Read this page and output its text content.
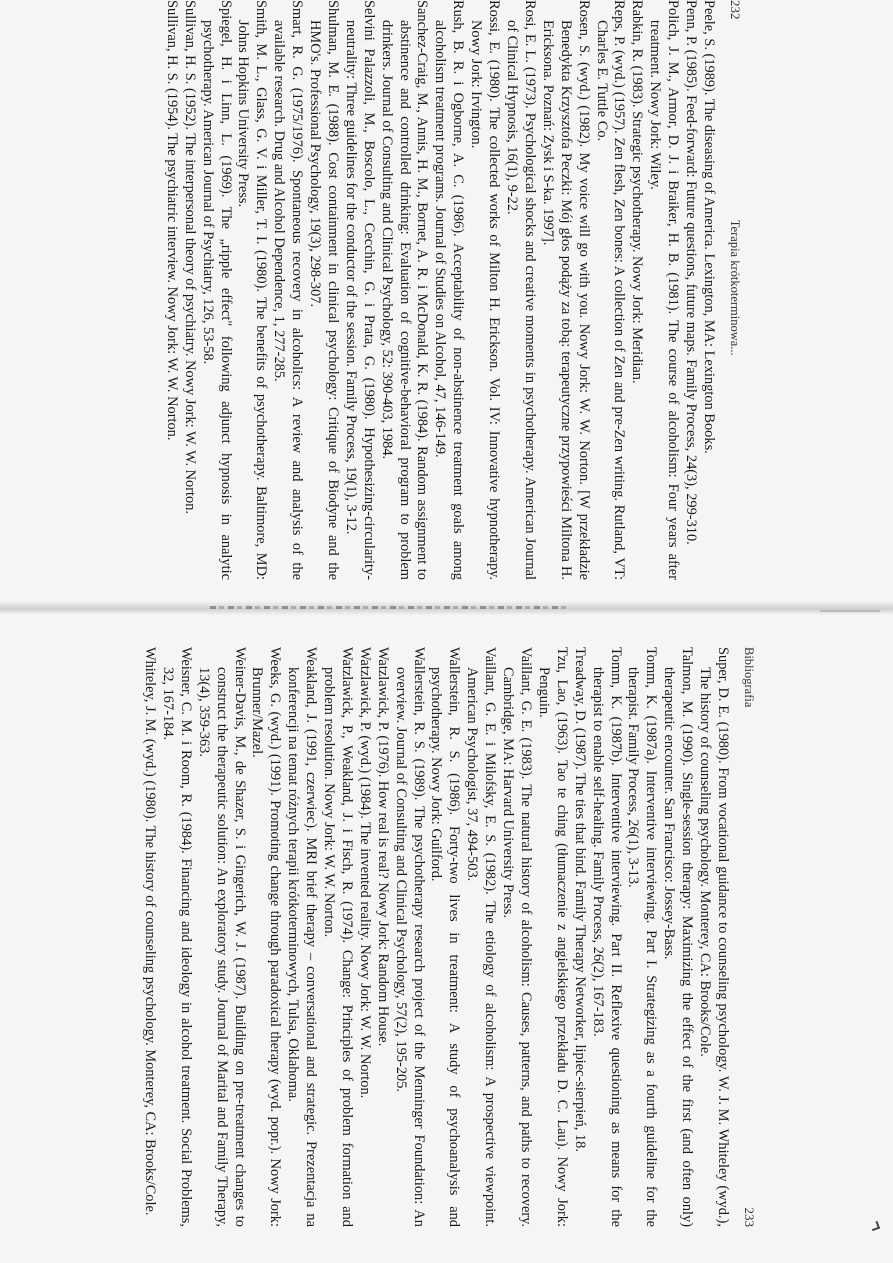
232
Terapia krótkoterminowa...
Peele, S. (1989). The diseasing of America. Lexington, MA: Lexington Books.
Penn, P. (1985). Feed-forward: Future questions, future maps. Family Process, 24(3), 299-310.
Polich, J. M., Armor, D. J. i Braiker, H. B. (1981). The course of alcoholism: Four years after treatment. Nowy Jork: Wiley.
Rabkin, R. (1983). Strategic psychotherapy. Nowy Jork: Meridian.
Reps, P. (wyd.) (1957). Zen flesh, Zen bones: A collection of Zen and pre-Zen writing. Rutland, VT: Charles E. Tuttle Co.
Rosen, S. (wyd.) (1982). My voice will go with you. Nowy Jork: W. W. Norton. [W przekładzie Benedykta Krzysztofa Peczki: Mój głos podąży za tobą: terapeutyczne przypowieści Miltona H. Ericksona. Poznań: Zysk i S-ka. 1997].
Rosi, E. L. (1973). Psychological shocks and creative moments in psychotherapy. American Journal of Clinical Hypnosis, 16(1), 9-22.
Rossi, E. (1980). The collected works of Milton H. Erickson. Vol. IV: Innovative hypnotherapy. Nowy Jork: Irvington.
Rush, B. R. i Ogborne, A. C. (1986). Acceptability of non-abstinence treatment goals among alcoholism treatment programs. Journal of Studies on Alcohol, 47, 146-149.
Sanchez-Craig, M., Annis, H. M., Bornet, A. R. i McDonald, K. R. (1984). Random assignment to abstinence and controlled drinking: Evaluation of cognitive-behavioral program to problem drinkers. Journal of Consulting and Clinical Psychology, 52: 390-403, 1984.
Selvini Palazzoli, M., Boscolo, L., Cecchin, G. i Prata, G. (1980). Hypothesizing-circularity-neutrality: Three guidelines for the conductor of the session. Family Process, 19(1), 3-12.
Shulman, M. E. (1988). Cost containment in clinical psychology: Critique of Biodyne and the HMO's. Professional Psychology, 19(3), 298-307.
Smart, R. G. (1975/1976). Spontaneous recovery in alcoholics: A review and analysis of the available research. Drug and Alcohol Dependence, 1, 277-285.
Smith, M. L., Glass, G. V. i Miller, T. I. (1980). The benefits of psychotherapy. Baltimore, MD: Johns Hopkins University Press.
Spiegel, H. i Linn, L. (1969). The „ripple effect" following adjunct hypnosis in analytic psychotherapy. American Journal of Psychiatry, 126, 53-58.
Sullivan, H. S. (1952). The interpersonal theory of psychiatry. Nowy Jork: W. W. Norton.
Sullivan, H. S. (1954). The psychiatric interview. Nowy Jork: W. W. Norton.
Bibliografia
233
Super, D. E. (1980). From vocational guidance to counseling psychology. W. J. M. Whiteley (wyd.), The history of counseling psychology. Monterey, CA: Brooks/Cole.
Talmon, M. (1990). Single-session therapy: Maximizing the effect of the first (and often only) therapeutic encounter. San Francisco: Jossey-Bass.
Tomm, K. (1987a). Interventive interviewing. Part I. Strategizing as a fourth guideline for the therapist. Family Process, 26(1), 3-13.
Tomm, K. (1987b). Interventive interviewing. Part II. Reflexive questioning as means for the therapist to enable self-healing. Family Process, 26(2), 167-183.
Treadway, D. (1987). The ties that bind. Family Therapy Networker, lipiec-sierpień, 18.
Tzu, Lao, (1963). Tao te ching (tłumaczenie z angielskiego przekładu D. C. Lau). Nowy Jork: Penguin.
Vaillant, G. E. (1983). The natural history of alcoholism: Causes, patterns, and paths to recovery. Cambridge, MA: Harvard University Press.
Vaillant, G. E. i Milofsky, E. S. (1982). The etiology of alcoholism: A prospective viewpoint. American Psychologist, 37, 494-503.
Wallerstein, R. S. (1986). Forty-two lives in treatment: A study of psychoanalysis and psychotherapy. Nowy Jork: Guilford.
Wallerstein, R. S. (1989). The psychotherapy research project of the Menninger Foundation: An overview. Journal of Consulting and Clinical Psychology, 57(2), 195-205.
Watzlawick, P. (1976). How real is real? Nowy Jork: Random House.
Watzlawick, P. (wyd.) (1984). The invented reality. Nowy Jork: W. W. Norton.
Watzlawick, P., Weakland, J. i Fisch, R. (1974). Change: Principles of problem formation and problem resolution. Nowy Jork: W. W. Norton.
Weakland, J. (1991, czerwiec). MRI brief therapy – conversational and strategic. Prezentacja na konferencji na temat różnych terapii krótkoterminowych, Tulsa, Oklahoma.
Weeks, G. (wyd.) (1991). Promoting change through paradoxical therapy (wyd. popr.). Nowy Jork: Brunner/Mazel.
Weiner-Davis, M., de Shazer, S. i Gingerich, W. J. (1987). Building on pre-treatment changes to construct the therapeutic solution: An exploratory study. Journal of Marital and Family Therapy, 13(4), 359-363.
Weisner, C. M. i Room, R. (1984). Financing and ideology in alcohol treatment. Social Problems, 32, 167-184.
Whiteley, J. M. (wyd.) (1980). The history of counseling psychology. Monterey, CA: Brooks/Cole.
